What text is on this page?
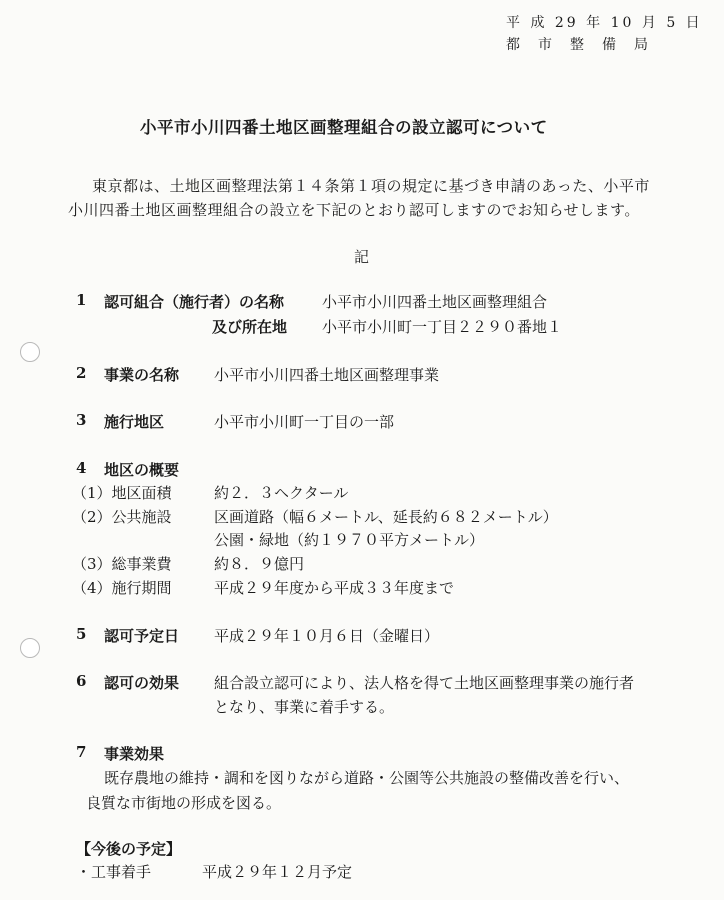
平 成 29 年 10 月 5 日
都　市　整　備　局
小平市小川四番土地区画整理組合の設立認可について
東京都は、土地区画整理法第１４条第１項の規定に基づき申請のあった、小平市
小川四番土地区画整理組合の設立を下記のとおり認可しますのでお知らせします。
記
1 認可組合（施行者）の名称	小平市小川四番土地区画整理組合
及び所在地 小平市小川町一丁目２２９０番地１
2 事業の名称 小平市小川四番土地区画整理事業
3 施行地区	小平市小川町一丁目の一部
4 地区の概要
（1）地区面積	約２．３ヘクタール
（2）公共施設	区画道路（幅６メートル、延長約６８２メートル）
公園・緑地（約１９７０平方メートル）
（3）総事業費	約８．９億円
（4）施行期間	平成２９年度から平成３３年度まで
5 認可予定日 平成２９年１０月６日（金曜日）
6 認可の効果 組合設立認可により、法人格を得て土地区画整理事業の施行者
となり、事業に着手する。
7 事業効果
既存農地の維持・調和を図りながら道路・公園等公共施設の整備改善を行い、
良質な市街地の形成を図る。
【今後の予定】
・工事着手	平成２９年１２月予定
